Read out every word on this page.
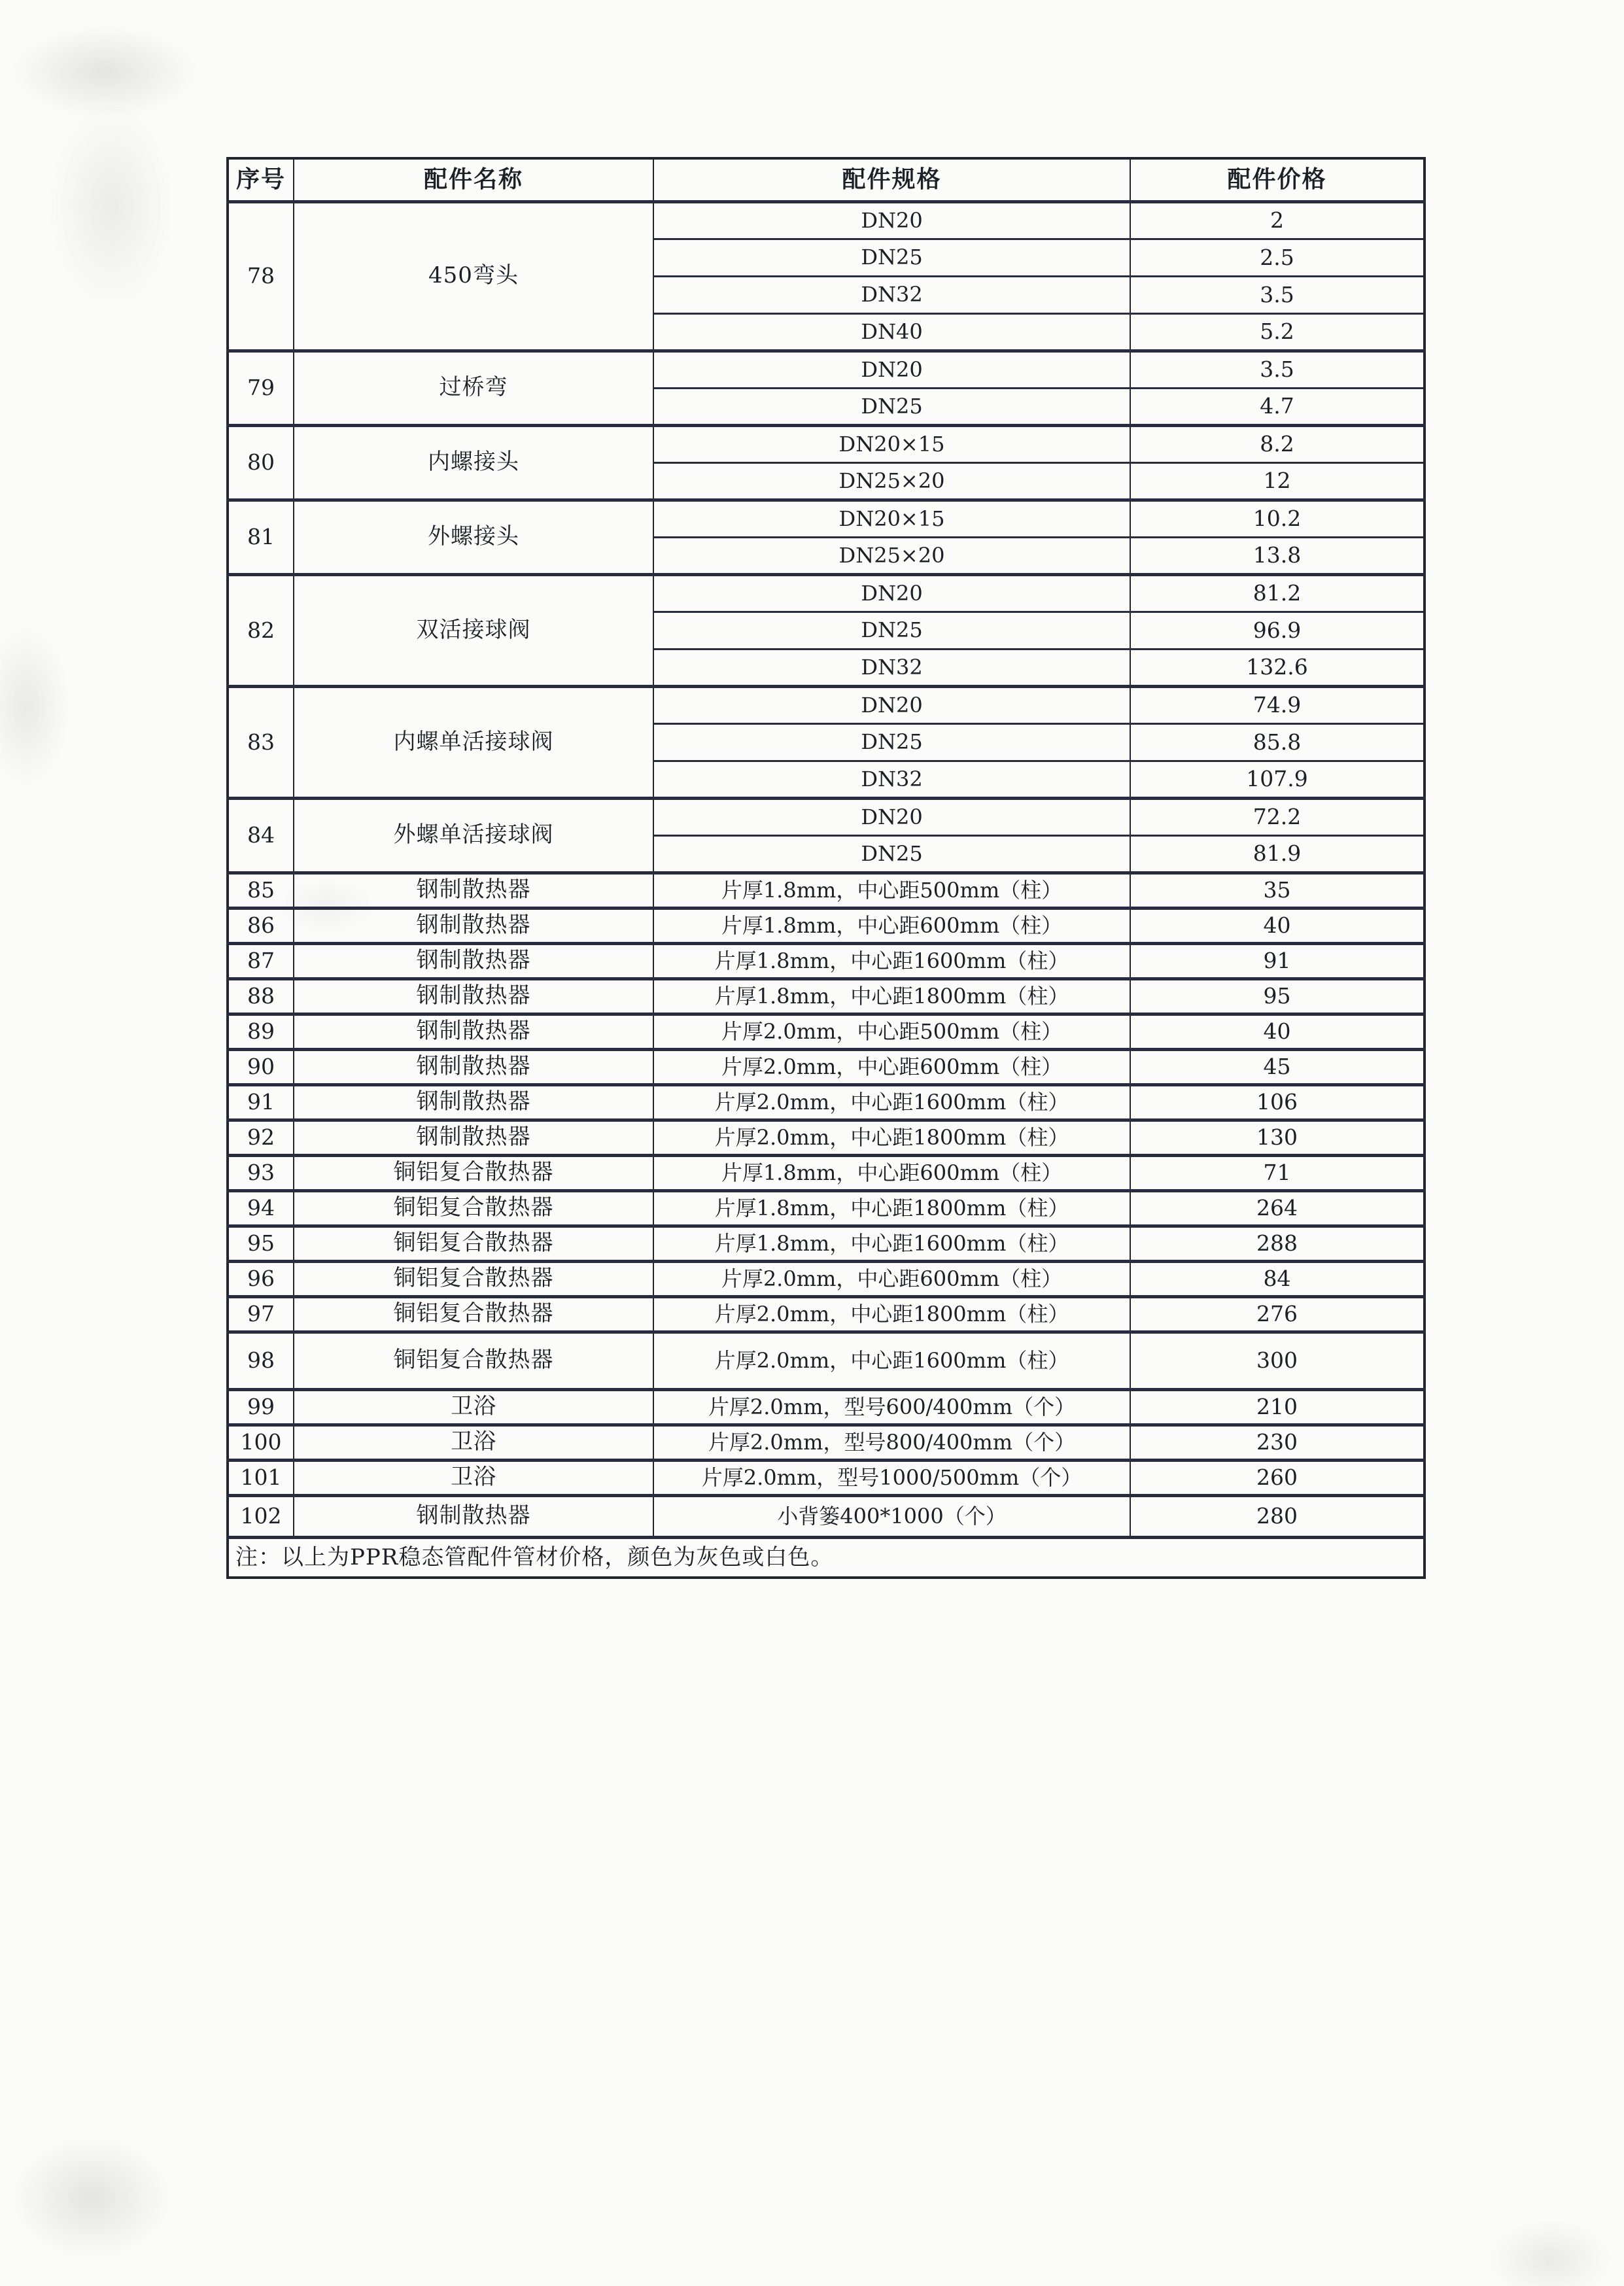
序号	配件名称	配件规格	配件价格
78	450弯头	DN20	2
		DN25	2.5
		DN32	3.5
		DN40	5.2
79	过桥弯	DN20	3.5
		DN25	4.7
80	内螺接头	DN20×15	8.2
		DN25×20	12
81	外螺接头	DN20×15	10.2
		DN25×20	13.8
82	双活接球阀	DN20	81.2
		DN25	96.9
		DN32	132.6
83	内螺单活接球阀	DN20	74.9
		DN25	85.8
		DN32	107.9
84	外螺单活接球阀	DN20	72.2
		DN25	81.9
85	钢制散热器	片厚1.8mm，中心距500mm（柱）	35
86	钢制散热器	片厚1.8mm，中心距600mm（柱）	40
87	钢制散热器	片厚1.8mm，中心距1600mm（柱）	91
88	钢制散热器	片厚1.8mm，中心距1800mm（柱）	95
89	钢制散热器	片厚2.0mm，中心距500mm（柱）	40
90	钢制散热器	片厚2.0mm，中心距600mm（柱）	45
91	钢制散热器	片厚2.0mm，中心距1600mm（柱）	106
92	钢制散热器	片厚2.0mm，中心距1800mm（柱）	130
93	铜铝复合散热器	片厚1.8mm，中心距600mm（柱）	71
94	铜铝复合散热器	片厚1.8mm，中心距1800mm（柱）	264
95	铜铝复合散热器	片厚1.8mm，中心距1600mm（柱）	288
96	铜铝复合散热器	片厚2.0mm，中心距600mm（柱）	84
97	铜铝复合散热器	片厚2.0mm，中心距1800mm（柱）	276
98	铜铝复合散热器	片厚2.0mm，中心距1600mm（柱）	300
99	卫浴	片厚2.0mm，型号600/400mm（个）	210
100	卫浴	片厚2.0mm，型号800/400mm（个）	230
101	卫浴	片厚2.0mm，型号1000/500mm（个）	260
102	钢制散热器	小背篓400*1000（个）	280
注：以上为PPR稳态管配件管材价格，颜色为灰色或白色。			
